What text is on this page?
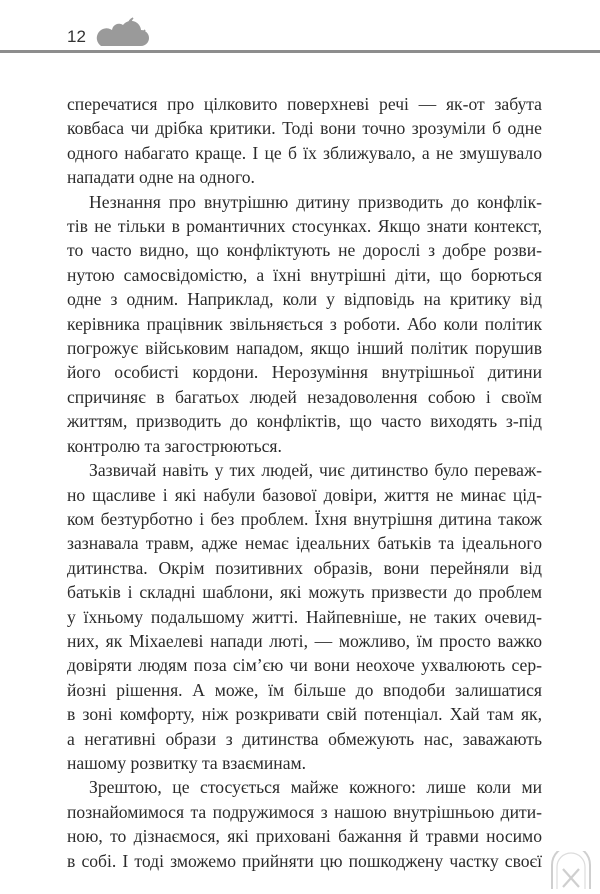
12

сперечатися про цілковито поверхневі речі — як-от забута
ковбаса чи дрібка критики. Тоді вони точно зрозуміли б одне
одного набагато краще. І це б їх зближувало, а не змушувало
нападати одне на одного.

Незнання про внутрішню дитину призводить до конфлік-
тів не тільки в романтичних стосунках. Якщо знати контекст,
то часто видно, що конфліктують не дорослі з добре розви-
нутою самосвідомістю, а їхні внутрішні діти, що борються
одне з одним. Наприклад, коли у відповідь на критику від
керівника працівник звільняється з роботи. Або коли політик
погрожує військовим нападом, якщо інший політик порушив
його особисті кордони. Нерозуміння внутрішньої дитини
спричиняє в багатьох людей незадоволення собою і своїм
життям, призводить до конфліктів, що часто виходять з-під
контролю та загострюються.

Зазвичай навіть у тих людей, чиє дитинство було переваж-
но щасливе і які набули базової довіри, життя не минає цід-
ком безтурботно і без проблем. Їхня внутрішня дитина також
зазнавала травм, адже немає ідеальних батьків та ідеального
дитинства. Окрім позитивних образів, вони перейняли від
батьків і складні шаблони, які можуть призвести до проблем
у їхньому подальшому житті. Найпевніше, не таких очевид-
них, як Міхаелеві напади люті, — можливо, їм просто важко
довіряти людям поза сім’єю чи вони неохоче ухвалюють сер-
йозні рішення. А може, їм більше до вподоби залишатися
в зоні комфорту, ніж розкривати свій потенціал. Хай там як,
а негативні образи з дитинства обмежують нас, заважають
нашому розвитку та взаєминам.

Зрештою, це стосується майже кожного: лише коли ми
познайомимося та подружимося з нашою внутрішньою дити-
ною, то дізнаємося, які приховані бажання й травми носимо
в собі. І тоді зможемо прийняти цю пошкоджену частку своєї
